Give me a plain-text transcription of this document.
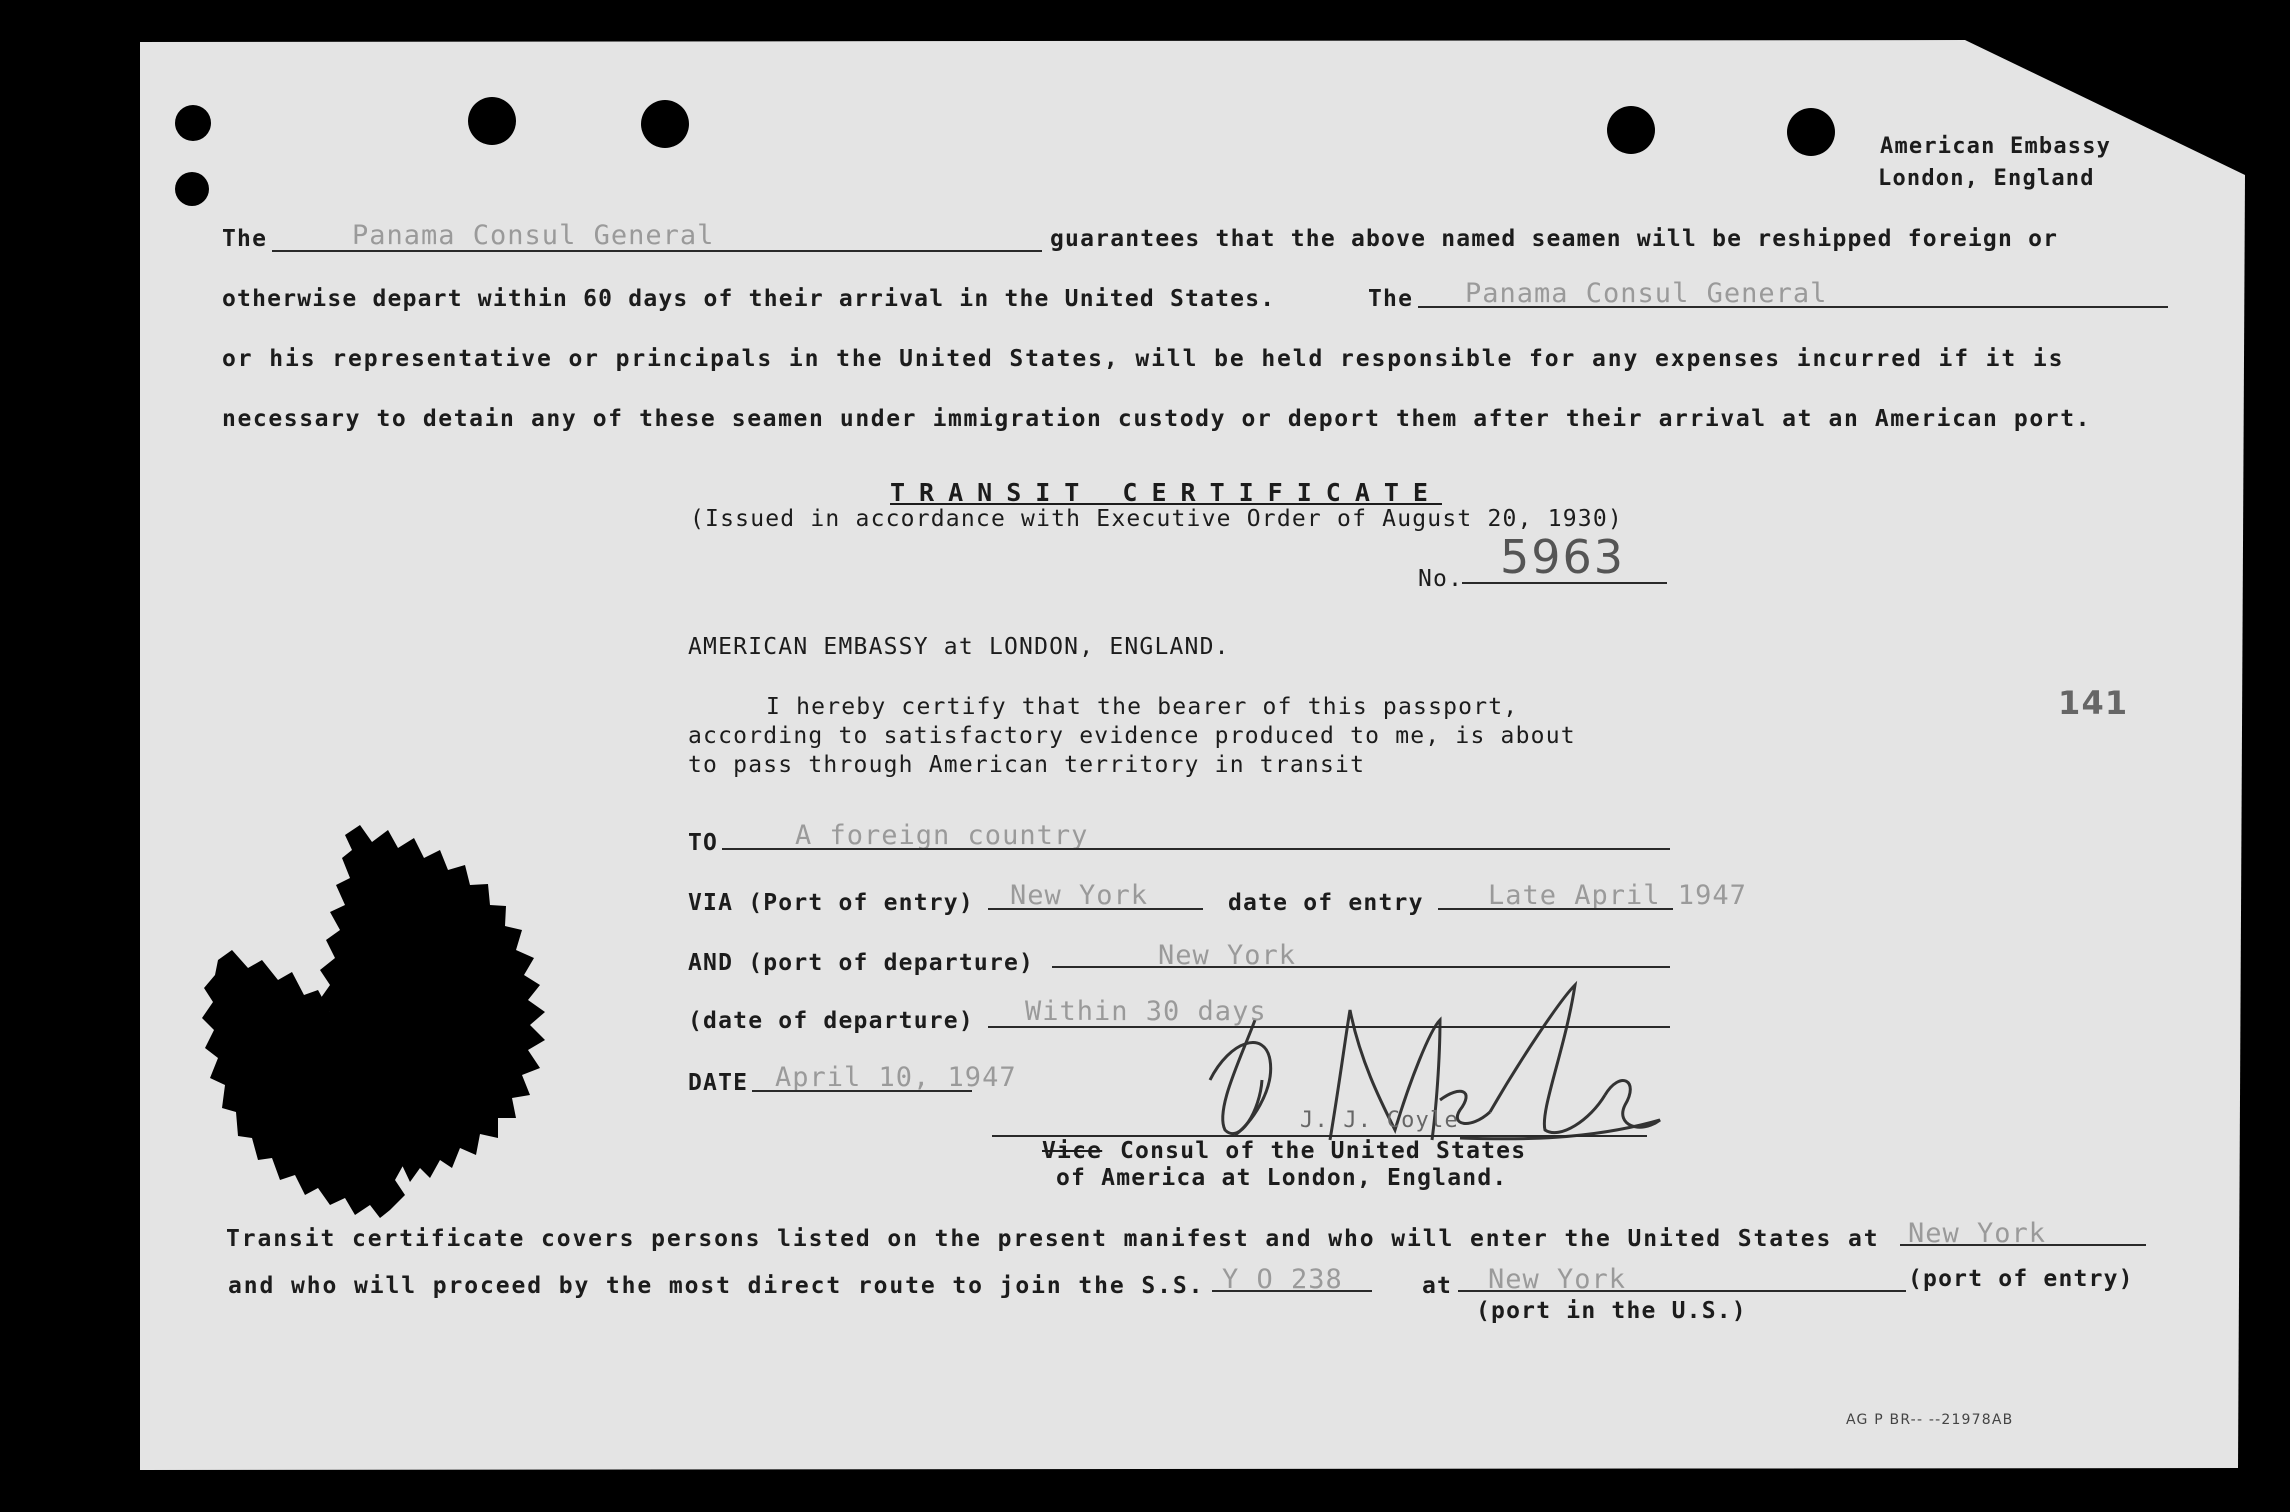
American Embassy
London, England
The	Panama Consul General	guarantees that the above named seamen will be reshipped foreign or
otherwise depart within 60 days of their arrival in the United States.	The Panama Consul General
or his representative or principals in the United States, will be held responsible for any expenses incurred if it is
necessary to detain any of these seamen under immigration custody or deport them after their arrival at an American port.
TRANSIT CERTIFICATE
(Issued in accordance with Executive Order of August 20, 1930)
No. 5963
141
AMERICAN EMBASSY at LONDON, ENGLAND.
I hereby certify that the bearer of this passport,
according to satisfactory evidence produced to me, is about
to pass through American territory in transit
TO	A foreign country
VIA (Port of entry) New York	date of entry Late April 1947
AND (port of departure)	New York
(date of departure) Within 30 days
DATE April 10, 1947
J. J. Coyle
Vice Consul of the United States
of America at London, England.
Transit certificate covers persons listed on the present manifest and who will enter the United States at New York
and who will proceed by the most direct route to join the S.S. Y O 238	at New York	(port of entry)
(port in the U.S.)
AG P BR-- --21978AB
